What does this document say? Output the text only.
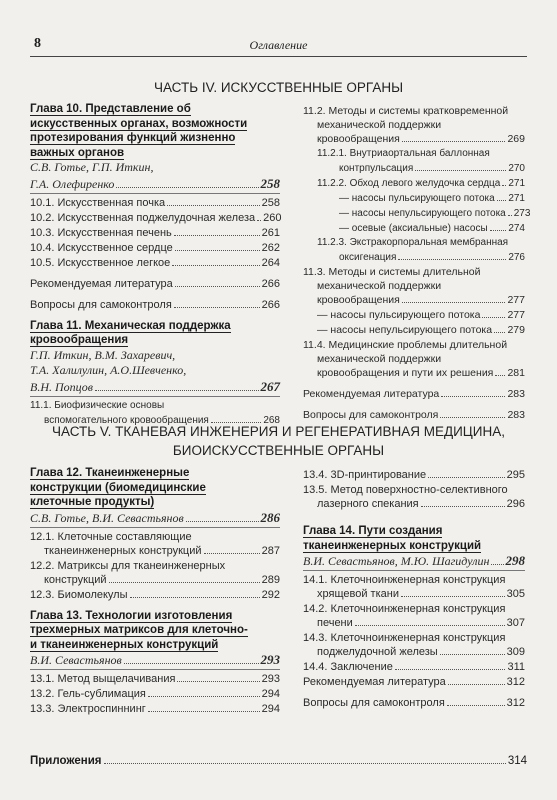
8	Оглавление
ЧАСТЬ IV. ИСКУССТВЕННЫЕ ОРГАНЫ
Глава 10. Представление об
искусственных органах, возможности
протезирования функций жизненно
важных органов
С.В. Готье, Г.П. Иткин,
Г.А. Олефиренко	258
10.1. Искусственная почка	258
10.2. Искусственная поджелудочная железа 260
10.3. Искусственная печень	261
10.4. Искусственное сердце	262
10.5. Искусственное легкое	264
Рекомендуемая литература	266
Вопросы для самоконтроля	266
Глава 11. Механическая поддержка
кровообращения
Г.П. Иткин, В.М. Захаревич,
Т.А. Халилулин, А.О.Шевченко,
В.Н. Попцов	267
11.1. Биофизические основы
вспомогательного кровообращения	268
11.2. Методы и системы кратковременной
механической поддержки
кровообращения	269
11.2.1. Внутриаортальная баллонная
контрпульсация	270
11.2.2. Обход левого желудочка сердца 271
— насосы пульсирующего потока 271
— насосы непульсирующего потока 273
— осевые (аксиальные) насосы 274
11.2.3. Экстракорпоральная мембранная
оксигенация	276
11.3. Методы и системы длительной
механической поддержки
кровообращения	277
— насосы пульсирующего потока	277
— насосы непульсирующего потока 279
11.4. Медицинские проблемы длительной
механической поддержки
кровообращения и пути их решения 281
Рекомендуемая литература	283
Вопросы для самоконтроля	283
ЧАСТЬ V. ТКАНЕВАЯ ИНЖЕНЕРИЯ И РЕГЕНЕРАТИВНАЯ МЕДИЦИНА,
БИОИСКУССТВЕННЫЕ ОРГАНЫ
Глава 12. Тканеинженерные
конструкции (биомедицинские
клеточные продукты)
С.В. Готье, В.И. Севастьянов	286
12.1. Клеточные составляющие
тканеинженерных конструкций	287
12.2. Матриксы для тканеинженерных
конструкций	289
12.3. Биомолекулы	292
Глава 13. Технологии изготовления
трехмерных матриксов для клеточно-
и тканеинженерных конструкций
В.И. Севастьянов	293
13.1. Метод выщелачивания	293
13.2. Гель-сублимация	294
13.3. Электроспиннинг	294
13.4. 3D-принтирование	295
13.5. Метод поверхностно-селективного
лазерного спекания	296
Глава 14. Пути создания
тканеинженерных конструкций
В.И. Севастьянов, М.Ю. Шагидулин 298
14.1. Клеточноинженерная конструкция
хрящевой ткани	305
14.2. Клеточноинженерная конструкция
печени	307
14.3. Клеточноинженерная конструкция
поджелудочной железы	309
14.4. Заключение	311
Рекомендуемая литература	312
Вопросы для самоконтроля	312
Приложения	314
